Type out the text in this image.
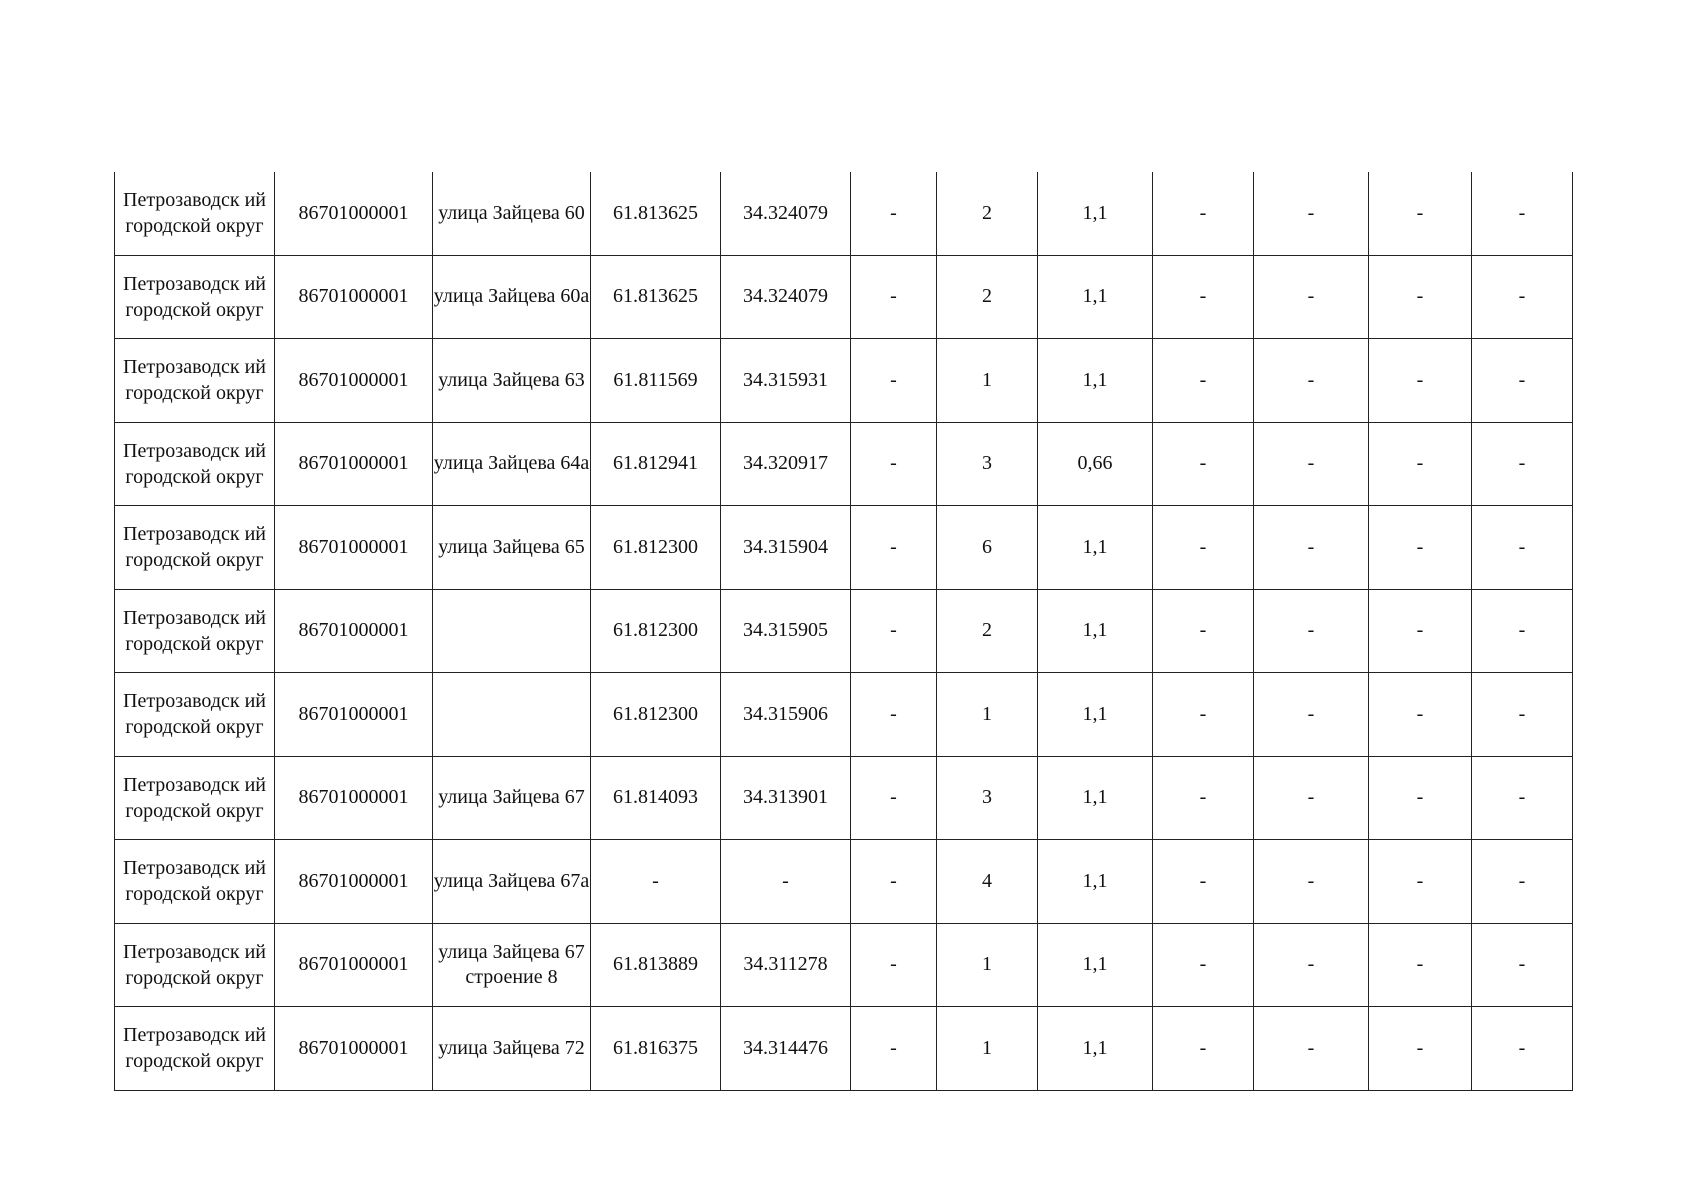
Петрозаводск ий городской округ	86701000001	улица Зайцева 60	61.813625	34.324079	-	2	1,1	-	-	-	-
Петрозаводск ий городской округ	86701000001	улица Зайцева 60а	61.813625	34.324079	-	2	1,1	-	-	-	-
Петрозаводск ий городской округ	86701000001	улица Зайцева 63	61.811569	34.315931	-	1	1,1	-	-	-	-
Петрозаводск ий городской округ	86701000001	улица Зайцева 64а	61.812941	34.320917	-	3	0,66	-	-	-	-
Петрозаводск ий городской округ	86701000001	улица Зайцева 65	61.812300	34.315904	-	6	1,1	-	-	-	-
Петрозаводск ий городской округ	86701000001		61.812300	34.315905	-	2	1,1	-	-	-	-
Петрозаводск ий городской округ	86701000001		61.812300	34.315906	-	1	1,1	-	-	-	-
Петрозаводск ий городской округ	86701000001	улица Зайцева 67	61.814093	34.313901	-	3	1,1	-	-	-	-
Петрозаводск ий городской округ	86701000001	улица Зайцева 67а	-	-	-	4	1,1	-	-	-	-
Петрозаводск ий городской округ	86701000001	улица Зайцева 67 строение 8	61.813889	34.311278	-	1	1,1	-	-	-	-
Петрозаводск ий городской округ	86701000001	улица Зайцева 72	61.816375	34.314476	-	1	1,1	-	-	-	-
